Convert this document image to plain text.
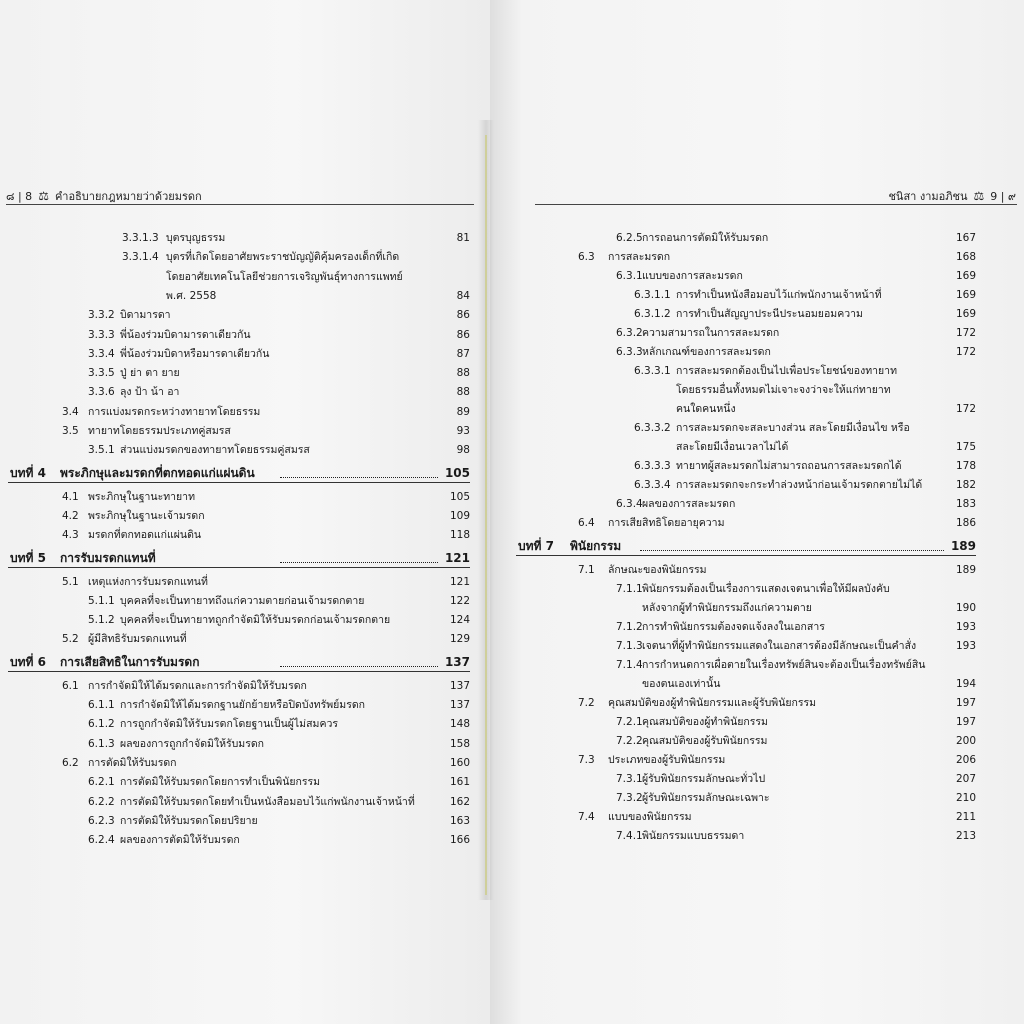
๘ | 8 ⚖ คำอธิบายกฎหมายว่าด้วยมรดก
3.3.1.3 บุตรบุญธรรม	81
3.3.1.4 บุตรที่เกิดโดยอาศัยพระราชบัญญัติคุ้มครองเด็กที่เกิด
โดยอาศัยเทคโนโลยีช่วยการเจริญพันธุ์ทางการแพทย์
พ.ศ. 2558	84
3.3.2 บิดามารดา	86
3.3.3 พี่น้องร่วมบิดามารดาเดียวกัน	86
3.3.4 พี่น้องร่วมบิดาหรือมารดาเดียวกัน	87
3.3.5 ปู่ ย่า ตา ยาย	88
3.3.6 ลุง ป้า น้า อา	88
3.4 การแบ่งมรดกระหว่างทายาทโดยธรรม	89
3.5 ทายาทโดยธรรมประเภทคู่สมรส	93
3.5.1 ส่วนแบ่งมรดกของทายาทโดยธรรมคู่สมรส	98
บทที่ 4 พระภิกษุและมรดกที่ตกทอดแก่แผ่นดิน	105
4.1 พระภิกษุในฐานะทายาท	105
4.2 พระภิกษุในฐานะเจ้ามรดก	109
4.3 มรดกที่ตกทอดแก่แผ่นดิน	118
บทที่ 5 การรับมรดกแทนที่	121
5.1 เหตุแห่งการรับมรดกแทนที่	121
5.1.1 บุคคลที่จะเป็นทายาทถึงแก่ความตายก่อนเจ้ามรดกตาย	122
5.1.2 บุคคลที่จะเป็นทายาทถูกกำจัดมิให้รับมรดกก่อนเจ้ามรดกตาย	124
5.2 ผู้มีสิทธิรับมรดกแทนที่	129
บทที่ 6 การเสียสิทธิในการรับมรดก	137
6.1 การกำจัดมิให้ได้มรดกและการกำจัดมิให้รับมรดก	137
6.1.1 การกำจัดมิให้ได้มรดกฐานยักย้ายหรือปิดบังทรัพย์มรดก	137
6.1.2 การถูกกำจัดมิให้รับมรดกโดยฐานเป็นผู้ไม่สมควร	148
6.1.3 ผลของการถูกกำจัดมิให้รับมรดก	158
6.2 การตัดมิให้รับมรดก	160
6.2.1 การตัดมิให้รับมรดกโดยการทำเป็นพินัยกรรม	161
6.2.2 การตัดมิให้รับมรดกโดยทำเป็นหนังสือมอบไว้แก่พนักงานเจ้าหน้าที่	162
6.2.3 การตัดมิให้รับมรดกโดยปริยาย	163
6.2.4 ผลของการตัดมิให้รับมรดก	166
ชนิสา งามอภิชน ⚖ 9 | ๙
6.2.5 การถอนการตัดมิให้รับมรดก	167
6.3 การสละมรดก	168
6.3.1 แบบของการสละมรดก	169
6.3.1.1 การทำเป็นหนังสือมอบไว้แก่พนักงานเจ้าหน้าที่	169
6.3.1.2 การทำเป็นสัญญาประนีประนอมยอมความ	169
6.3.2 ความสามารถในการสละมรดก	172
6.3.3 หลักเกณฑ์ของการสละมรดก	172
6.3.3.1 การสละมรดกต้องเป็นไปเพื่อประโยชน์ของทายาท
โดยธรรมอื่นทั้งหมดไม่เจาะจงว่าจะให้แก่ทายาท
คนใดคนหนึ่ง	172
6.3.3.2 การสละมรดกจะสละบางส่วน สละโดยมีเงื่อนไข หรือ
สละโดยมีเงื่อนเวลาไม่ได้	175
6.3.3.3 ทายาทผู้สละมรดกไม่สามารถถอนการสละมรดกได้	178
6.3.3.4 การสละมรดกจะกระทำล่วงหน้าก่อนเจ้ามรดกตายไม่ได้	182
6.3.4 ผลของการสละมรดก	183
6.4 การเสียสิทธิโดยอายุความ	186
บทที่ 7 พินัยกรรม	189
7.1 ลักษณะของพินัยกรรม	189
7.1.1 พินัยกรรมต้องเป็นเรื่องการแสดงเจตนาเพื่อให้มีผลบังคับ
หลังจากผู้ทำพินัยกรรมถึงแก่ความตาย	190
7.1.2 การทำพินัยกรรมต้องจดแจ้งลงในเอกสาร	193
7.1.3 เจตนาที่ผู้ทำพินัยกรรมแสดงในเอกสารต้องมีลักษณะเป็นคำสั่ง	193
7.1.4 การกำหนดการเผื่อตายในเรื่องทรัพย์สินจะต้องเป็นเรื่องทรัพย์สิน
ของตนเองเท่านั้น	194
7.2 คุณสมบัติของผู้ทำพินัยกรรมและผู้รับพินัยกรรม	197
7.2.1 คุณสมบัติของผู้ทำพินัยกรรม	197
7.2.2 คุณสมบัติของผู้รับพินัยกรรม	200
7.3 ประเภทของผู้รับพินัยกรรม	206
7.3.1 ผู้รับพินัยกรรมลักษณะทั่วไป	207
7.3.2 ผู้รับพินัยกรรมลักษณะเฉพาะ	210
7.4 แบบของพินัยกรรม	211
7.4.1 พินัยกรรมแบบธรรมดา	213
